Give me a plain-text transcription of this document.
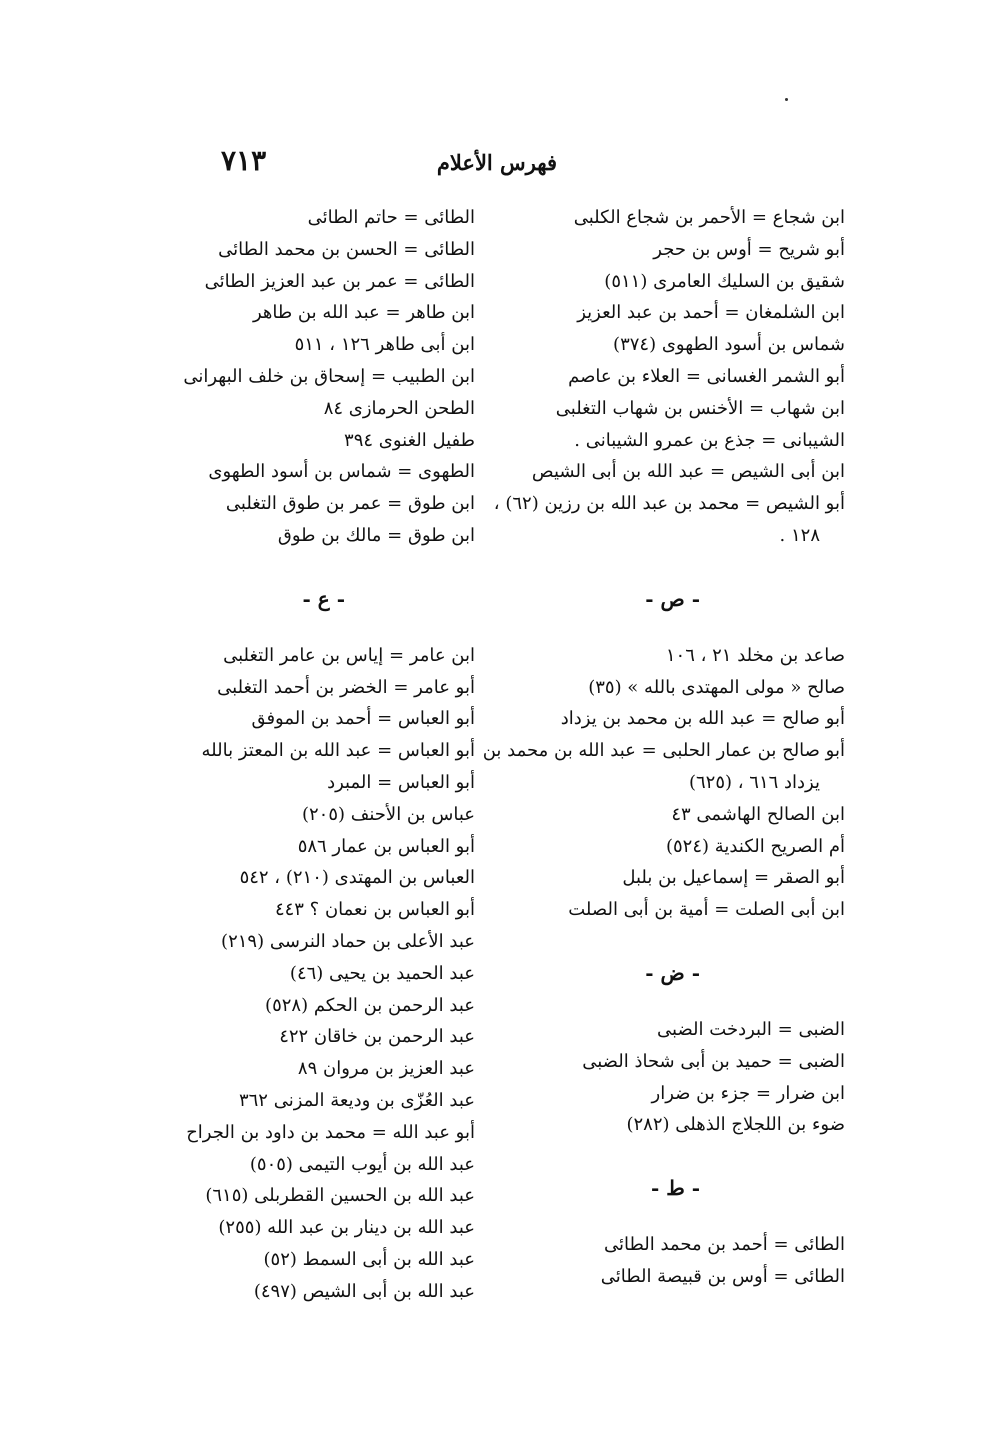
فهرس الأعلام
٧١٣
ابن شجاع = الأحمر بن شجاع الكلبى
أبو شريح = أوس بن حجر
شقيق بن السليك العامرى (٥١١)
ابن الشلمغان = أحمد بن عبد العزيز
شماس بن أسود الطهوى (٣٧٤)
أبو الشمر الغسانى = العلاء بن عاصم
ابن شهاب = الأخنس بن شهاب التغلبى
الشيبانى = جذع بن عمرو الشيبانى .
ابن أبى الشيص = عبد الله بن أبى الشيص
أبو الشيص = محمد بن عبد الله بن رزين (٦٢) ،
١٢٨ .
- ص -
صاعد بن مخلد ٢١ ، ١٠٦
صالح « مولى المهتدى بالله » (٣٥)
أبو صالح = عبد الله بن محمد بن يزداد
أبو صالح بن عمار الحلبى = عبد الله بن محمد بن
يزداد ٦١٦ ، (٦٢٥)
ابن الصالح الهاشمى ٤٣
أم الصريح الكندية (٥٢٤)
أبو الصقر = إسماعيل بن بلبل
ابن أبى الصلت = أمية بن أبى الصلت
- ض -
الضبى = البردخت الضبى
الضبى = حميد بن أبى شحاذ الضبى
ابن ضرار = جزء بن ضرار
ضوء بن اللجلاج الذهلى (٢٨٢)
- ط -
الطائى = أحمد بن محمد الطائى
الطائى = أوس بن قبيصة الطائى
الطائى = حاتم الطائى
الطائى = الحسن بن محمد الطائى
الطائى = عمر بن عبد العزيز الطائى
ابن طاهر = عبد الله بن طاهر
ابن أبى طاهر ١٢٦ ، ٥١١
ابن الطبيب = إسحاق بن خلف البهرانى
الطحن الحرمازى ٨٤
طفيل الغنوى ٣٩٤
الطهوى = شماس بن أسود الطهوى
ابن طوق = عمر بن طوق التغلبى
ابن طوق = مالك بن طوق
- ع -
ابن عامر = إياس بن عامر التغلبى
أبو عامر = الخضر بن أحمد التغلبى
أبو العباس = أحمد بن الموفق
أبو العباس = عبد الله بن المعتز بالله
أبو العباس = المبرد
عباس بن الأحنف (٢٠٥)
أبو العباس بن عمار ٥٨٦
العباس بن المهتدى (٢١٠) ، ٥٤٢
أبو العباس بن نعمان ؟ ٤٤٣
عبد الأعلى بن حماد النرسى (٢١٩)
عبد الحميد بن يحيى (٤٦)
عبد الرحمن بن الحكم (٥٢٨)
عبد الرحمن بن خاقان ٤٢٢
عبد العزيز بن مروان ٨٩
عبد العُزّى بن وديعة المزنى ٣٦٢
أبو عبد الله = محمد بن داود بن الجراح
عبد الله بن أيوب التيمى (٥٠٥)
عبد الله بن الحسين القطربلى (٦١٥)
عبد الله بن دينار بن عبد الله (٢٥٥)
عبد الله بن أبى السمط (٥٢)
عبد الله بن أبى الشيص (٤٩٧)
